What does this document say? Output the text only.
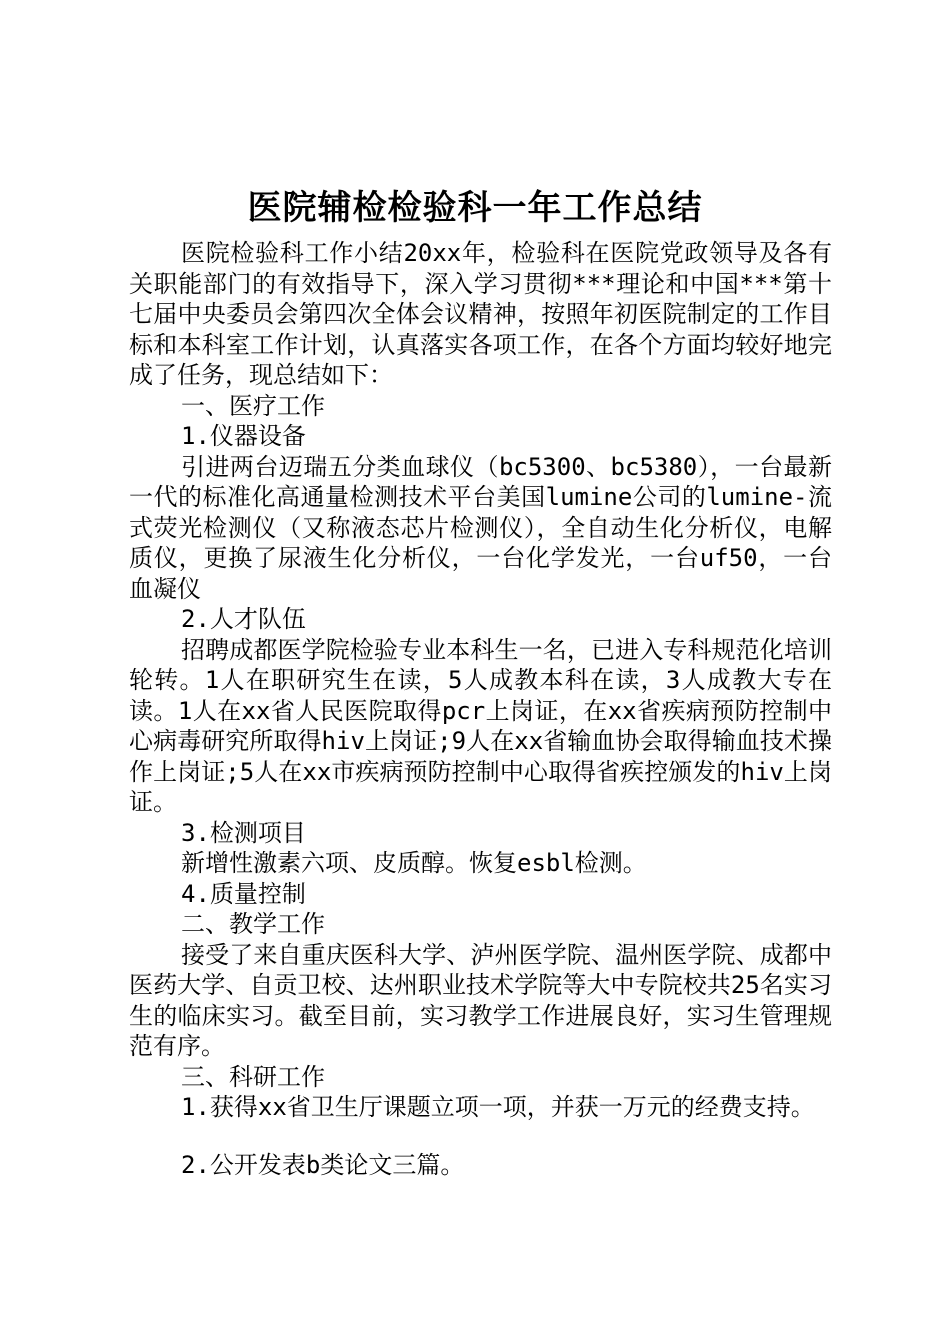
医院辅检检验科一年工作总结

医院检验科工作小结20xx年，检验科在医院党政领导及各有关职能部门的有效指导下，深入学习贯彻***理论和中国***第十七届中央委员会第四次全体会议精神，按照年初医院制定的工作目标和本科室工作计划，认真落实各项工作，在各个方面均较好地完成了任务，现总结如下：

一、医疗工作

1.仪器设备

引进两台迈瑞五分类血球仪（bc5300、bc5380），一台最新一代的标准化高通量检测技术平台美国lumine公司的lumine-流式荧光检测仪（又称液态芯片检测仪），全自动生化分析仪，电解质仪，更换了尿液生化分析仪，一台化学发光，一台uf50，一台血凝仪

2.人才队伍

招聘成都医学院检验专业本科生一名，已进入专科规范化培训轮转。1人在职研究生在读，5人成教本科在读，3人成教大专在读。1人在xx省人民医院取得pcr上岗证，在xx省疾病预防控制中心病毒研究所取得hiv上岗证;9人在xx省输血协会取得输血技术操作上岗证;5人在xx市疾病预防控制中心取得省疾控颁发的hiv上岗证。

3.检测项目

新增性激素六项、皮质醇。恢复esbl检测。

4.质量控制

二、教学工作

接受了来自重庆医科大学、泸州医学院、温州医学院、成都中医药大学、自贡卫校、达州职业技术学院等大中专院校共25名实习生的临床实习。截至目前，实习教学工作进展良好，实习生管理规范有序。

三、科研工作

1.获得xx省卫生厅课题立项一项，并获一万元的经费支持。

2.公开发表b类论文三篇。
